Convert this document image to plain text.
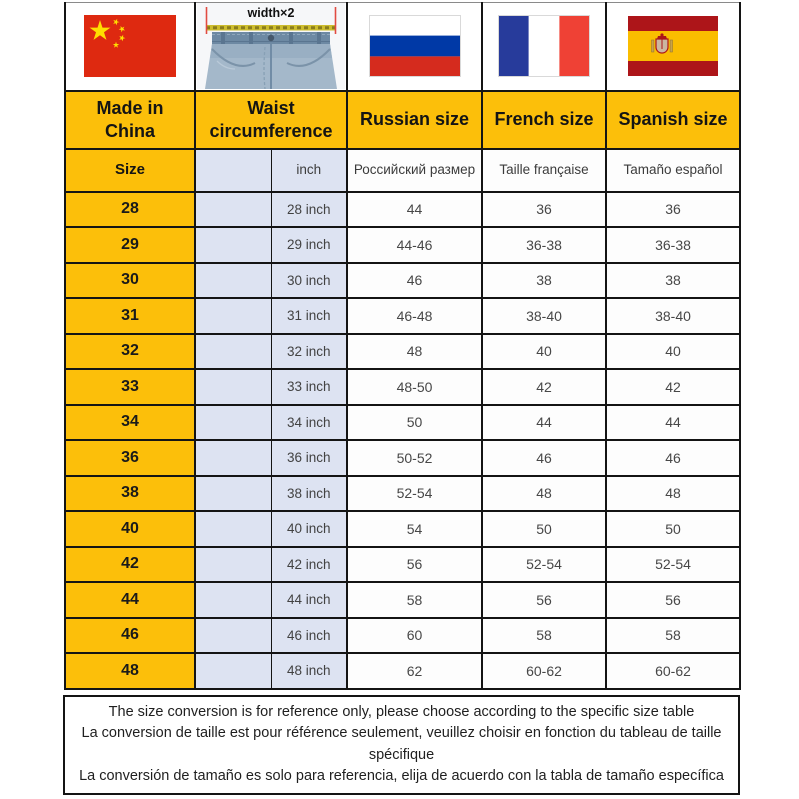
width×2

Made in China	Waist circumference		Russian size	French size	Spanish size
Size		inch	Российский размер	Taille française	Tamaño español
28		28 inch	44	36	36
29		29 inch	44-46	36-38	36-38
30		30 inch	46	38	38
31		31 inch	46-48	38-40	38-40
32		32 inch	48	40	40
33		33 inch	48-50	42	42
34		34 inch	50	44	44
36		36 inch	50-52	46	46
38		38 inch	52-54	48	48
40		40 inch	54	50	50
42		42 inch	56	52-54	52-54
44		44 inch	58	56	56
46		46 inch	60	58	58
48		48 inch	62	60-62	60-62
The size conversion is for reference only, please choose according to the specific size table
La conversion de taille est pour référence seulement, veuillez choisir en fonction du tableau de taille spécifique
La conversión de tamaño es solo para referencia, elija de acuerdo con la tabla de tamaño específica
